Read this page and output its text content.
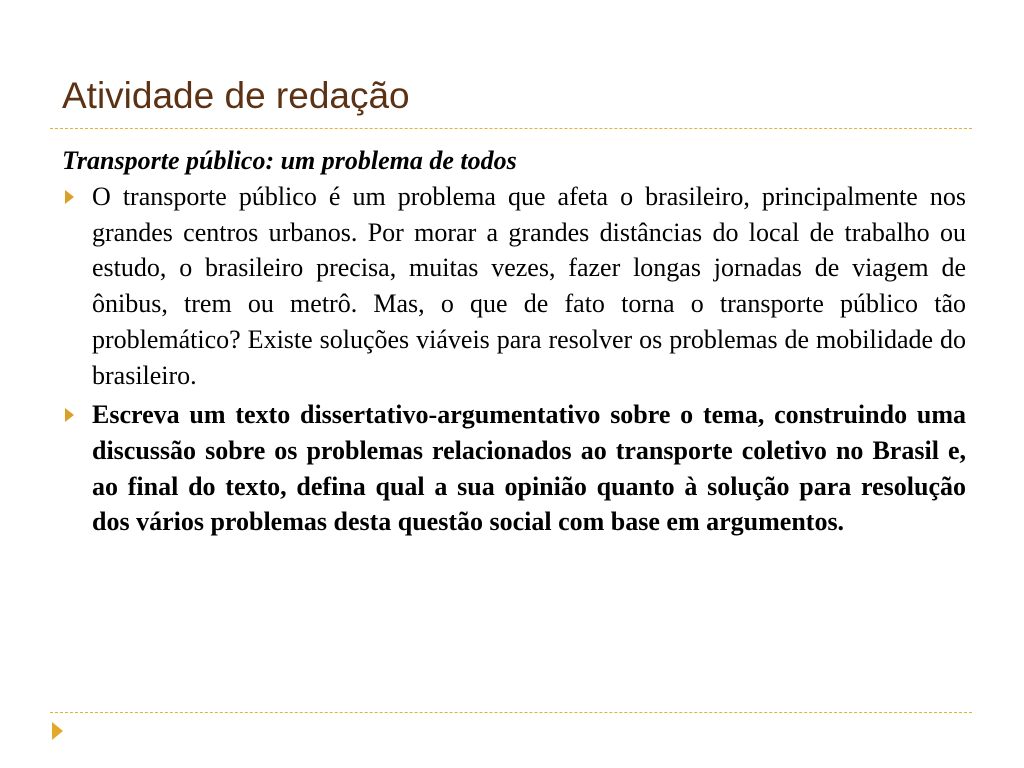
Atividade de redação

Transporte público: um problema de todos

O transporte público é um problema que afeta o brasileiro, principalmente nos grandes centros urbanos. Por morar a grandes distâncias do local de trabalho ou estudo, o brasileiro precisa, muitas vezes, fazer longas jornadas de viagem de ônibus, trem ou metrô. Mas, o que de fato torna o transporte público tão problemático? Existe soluções viáveis para resolver os problemas de mobilidade do brasileiro.
Escreva um texto dissertativo-argumentativo sobre o tema, construindo uma discussão sobre os problemas relacionados ao transporte coletivo no Brasil e, ao final do texto, defina qual a sua opinião quanto à solução para resolução dos vários problemas desta questão social com base em argumentos.
